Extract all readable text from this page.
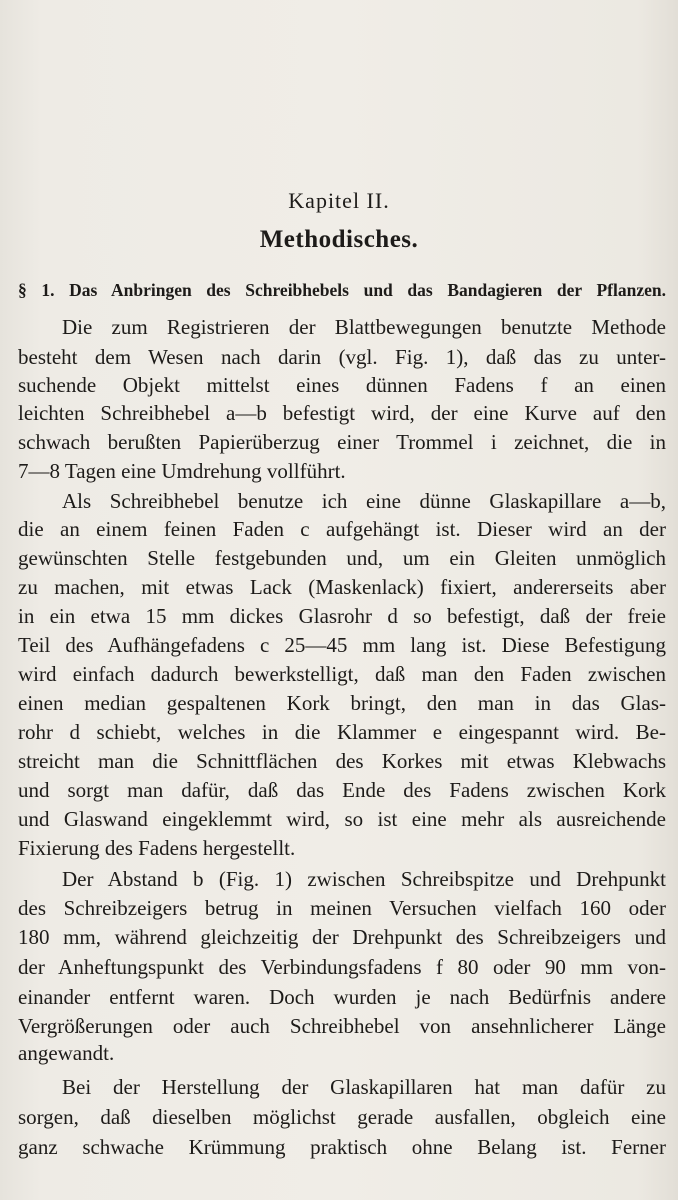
Kapitel II.
Methodisches.
§ 1. Das Anbringen des Schreibhebels und das Bandagieren der Pflanzen.
Die zum Registrieren der Blattbewegungen benutzte Methode
besteht dem Wesen nach darin (vgl. Fig. 1), daß das zu unter-
suchende Objekt mittelst eines dünnen Fadens f an einen
leichten Schreibhebel a—b befestigt wird, der eine Kurve auf den
schwach berußten Papierüberzug einer Trommel i zeichnet, die in
7—8 Tagen eine Umdrehung vollführt.
Als Schreibhebel benutze ich eine dünne Glaskapillare a—b,
die an einem feinen Faden c aufgehängt ist. Dieser wird an der
gewünschten Stelle festgebunden und, um ein Gleiten unmöglich
zu machen, mit etwas Lack (Maskenlack) fixiert, andererseits aber
in ein etwa 15 mm dickes Glasrohr d so befestigt, daß der freie
Teil des Aufhängefadens c 25—45 mm lang ist. Diese Befestigung
wird einfach dadurch bewerkstelligt, daß man den Faden zwischen
einen median gespaltenen Kork bringt, den man in das Glas-
rohr d schiebt, welches in die Klammer e eingespannt wird. Be-
streicht man die Schnittflächen des Korkes mit etwas Klebwachs
und sorgt man dafür, daß das Ende des Fadens zwischen Kork
und Glaswand eingeklemmt wird, so ist eine mehr als ausreichende
Fixierung des Fadens hergestellt.
Der Abstand b (Fig. 1) zwischen Schreibspitze und Drehpunkt
des Schreibzeigers betrug in meinen Versuchen vielfach 160 oder
180 mm, während gleichzeitig der Drehpunkt des Schreibzeigers und
der Anheftungspunkt des Verbindungsfadens f 80 oder 90 mm von-
einander entfernt waren. Doch wurden je nach Bedürfnis andere
Vergrößerungen oder auch Schreibhebel von ansehnlicherer Länge
angewandt.
Bei der Herstellung der Glaskapillaren hat man dafür zu
sorgen, daß dieselben möglichst gerade ausfallen, obgleich eine
ganz schwache Krümmung praktisch ohne Belang ist. Ferner
